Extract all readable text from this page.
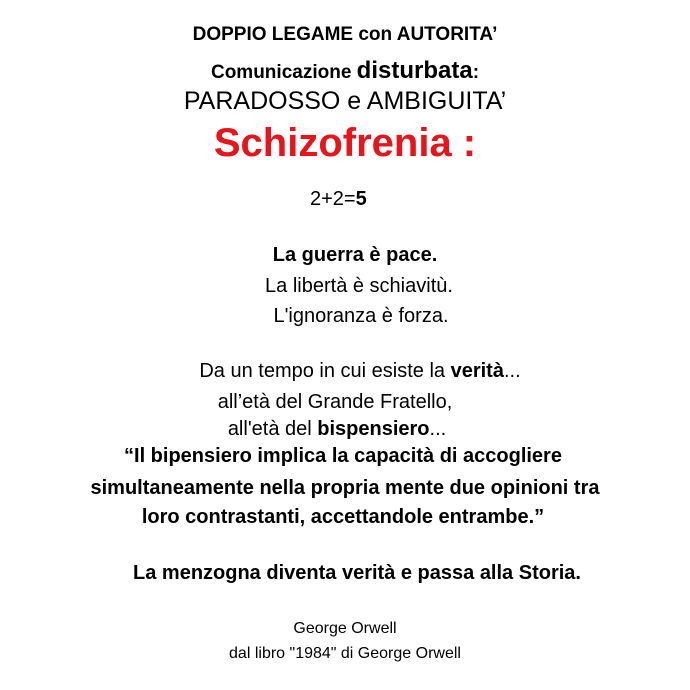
DOPPIO LEGAME con AUTORITA’
Comunicazione disturbata:
PARADOSSO e AMBIGUITA’
Schizofrenia :
2+2=5
La guerra è pace.
La libertà è schiavitù.
L'ignoranza è forza.
Da un tempo in cui esiste la verità...
all’età del Grande Fratello,
all'età del bispensiero...
“Il bipensiero implica la capacità di accogliere
simultaneamente nella propria mente due opinioni tra
loro contrastanti, accettandole entrambe.”
La menzogna diventa verità e passa alla Storia.
George Orwell
dal libro "1984" di George Orwell
